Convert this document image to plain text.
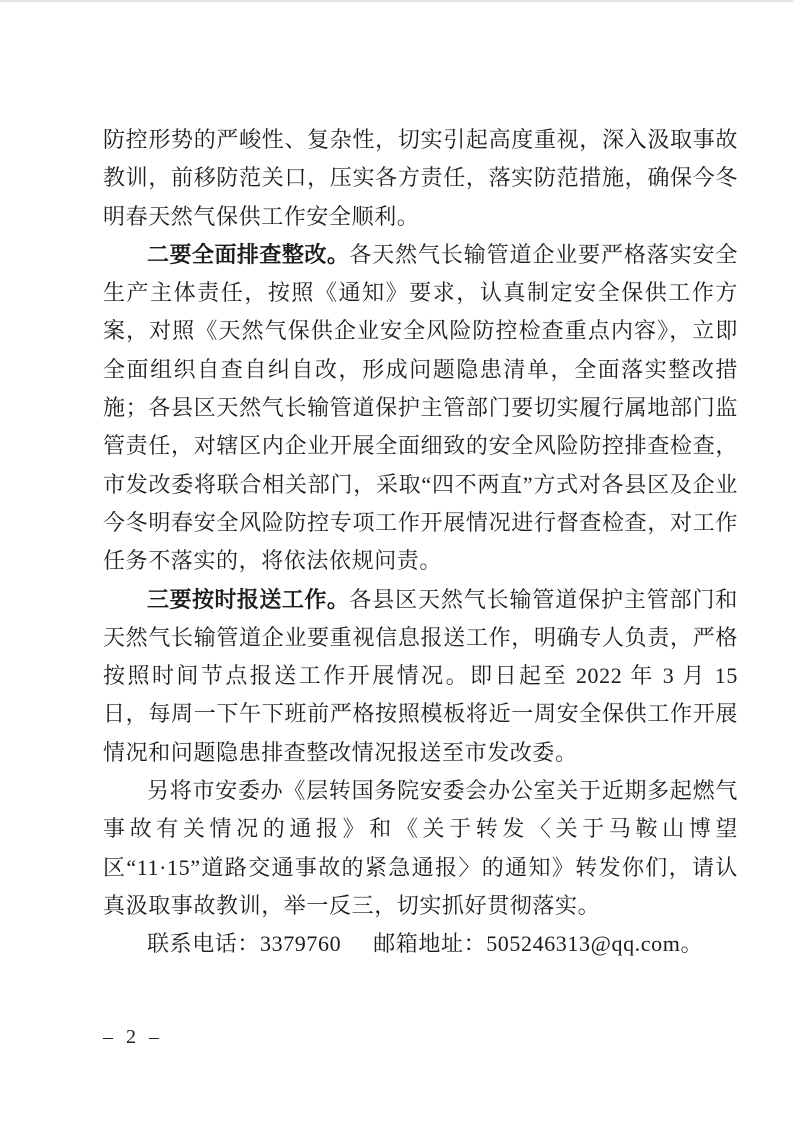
防控形势的严峻性、复杂性，切实引起高度重视，深入汲取事故教训，前移防范关口，压实各方责任，落实防范措施，确保今冬明春天然气保供工作安全顺利。

二要全面排查整改。各天然气长输管道企业要严格落实安全生产主体责任，按照《通知》要求，认真制定安全保供工作方案，对照《天然气保供企业安全风险防控检查重点内容》，立即全面组织自查自纠自改，形成问题隐患清单，全面落实整改措施；各县区天然气长输管道保护主管部门要切实履行属地部门监管责任，对辖区内企业开展全面细致的安全风险防控排查检查，市发改委将联合相关部门，采取“四不两直”方式对各县区及企业今冬明春安全风险防控专项工作开展情况进行督查检查，对工作任务不落实的，将依法依规问责。

三要按时报送工作。各县区天然气长输管道保护主管部门和天然气长输管道企业要重视信息报送工作，明确专人负责，严格按照时间节点报送工作开展情况。即日起至 2022 年 3 月 15 日，每周一下午下班前严格按照模板将近一周安全保供工作开展情况和问题隐患排查整改情况报送至市发改委。

另将市安委办《层转国务院安委会办公室关于近期多起燃气事故有关情况的通报》和《关于转发〈关于马鞍山博望区“11·15”道路交通事故的紧急通报〉的通知》转发你们，请认真汲取事故教训，举一反三，切实抓好贯彻落实。

联系电话：3379760 邮箱地址：505246313@qq.com。

– 2 –
